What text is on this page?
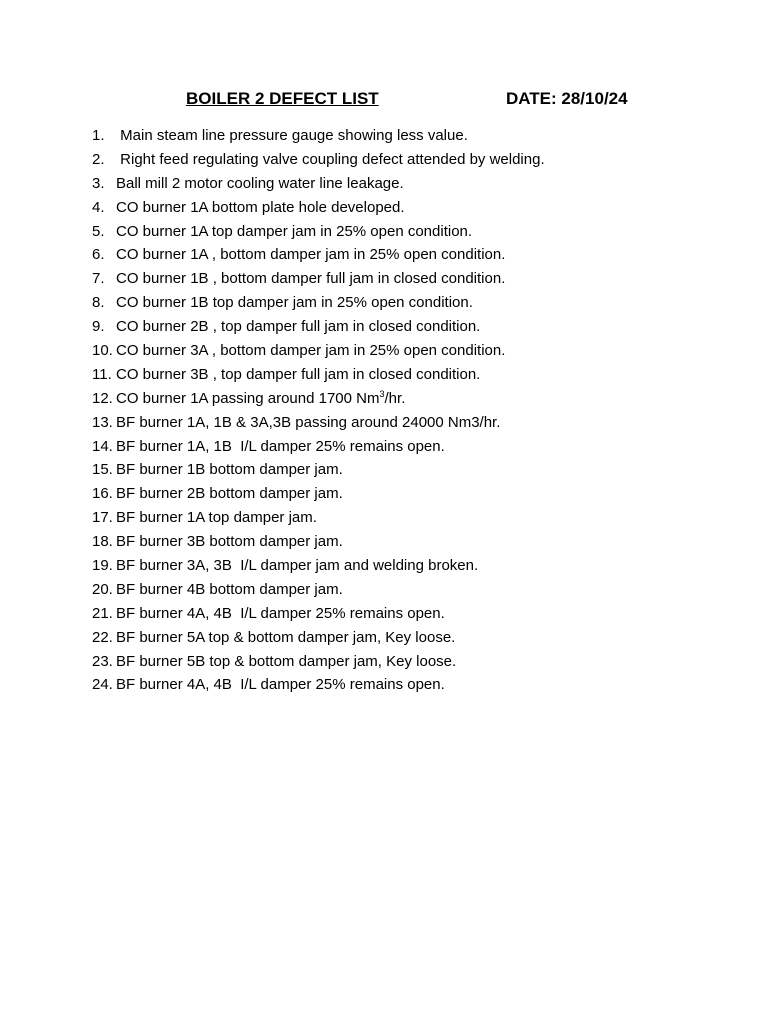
BOILER 2 DEFECT LIST	DATE: 28/10/24
1. Main steam line pressure gauge showing less value.
2. Right feed regulating valve coupling defect attended by welding.
3. Ball mill 2 motor cooling water line leakage.
4. CO burner 1A bottom plate hole developed.
5. CO burner 1A top damper jam in 25% open condition.
6. CO burner 1A , bottom damper jam in 25% open condition.
7. CO burner 1B , bottom damper full jam in closed condition.
8. CO burner 1B top damper jam in 25% open condition.
9. CO burner 2B , top damper full jam in closed condition.
10. CO burner 3A , bottom damper jam in 25% open condition.
11. CO burner 3B , top damper full jam in closed condition.
12. CO burner 1A passing around 1700 Nm$^3$/hr.
13. BF burner 1A, 1B & 3A,3B passing around 24000 Nm3/hr.
14. BF burner 1A, 1B  I/L damper 25% remains open.
15. BF burner 1B bottom damper jam.
16. BF burner 2B bottom damper jam.
17. BF burner 1A top damper jam.
18. BF burner 3B bottom damper jam.
19. BF burner 3A, 3B  I/L damper jam and welding broken.
20. BF burner 4B bottom damper jam.
21. BF burner 4A, 4B  I/L damper 25% remains open.
22. BF burner 5A top & bottom damper jam, Key loose.
23. BF burner 5B top & bottom damper jam, Key loose.
24. BF burner 4A, 4B  I/L damper 25% remains open.
